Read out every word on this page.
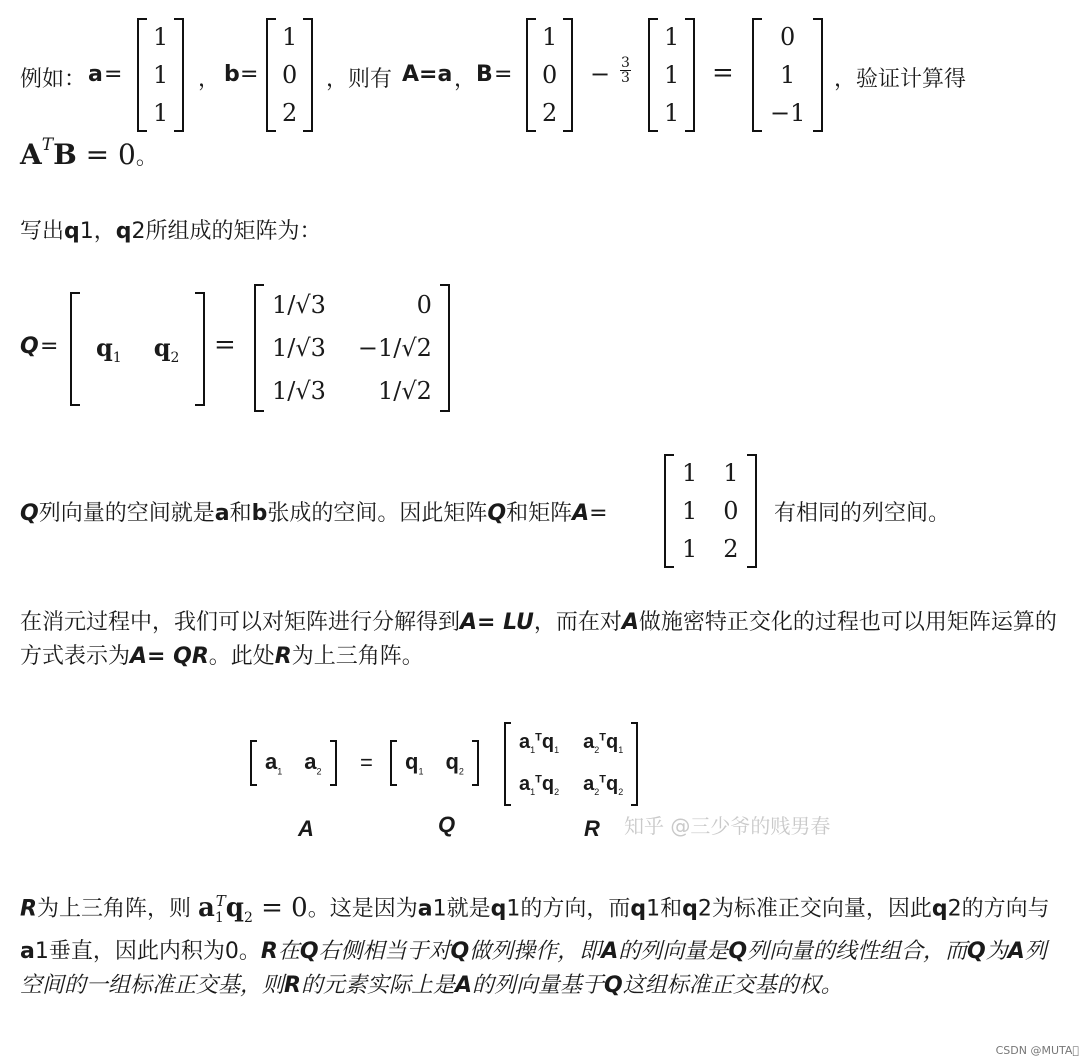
例如： a =
1
1
1
， b =
1
0
2
，则有 A=a ， B =
1
0
2
− $\frac{3}{3}$
1
1
1
=
0
1
−1
，验证计算得
$A^TB = 0$。
写出q1，q2所组成的矩阵为：
$Q = q_1$ $q_2$ =
1/√3
1/√3
1/√3
0
−1/√2
1/√2
Q列向量的空间就是a和b张成的空间。因此矩阵Q和矩阵A=
1 1
1 0
1 2
有相同的列空间。
在消元过程中，我们可以对矩阵进行分解得到A= LU，而在对A做施密特正交化的过程也可以用矩阵运算的方式表示为A= QR。此处R为上三角阵。
$a_1$ $a_2 = q_1$ $q_2$
$a_1^Tq_1$ $a_2^Tq_1$
$a_1^Tq_2$ $a_2^Tq_2$
A	Q	R 知乎 @三少爷的贱男春
R为上三角阵，则 $a_1^Tq_2 = 0$。这是因为a1就是q1的方向，而q1和q2为标准正交向量，因此q2的方向与a1垂直，因此内积为0。R在Q右侧相当于对Q做列操作，即A的列向量是Q列向量的线性组合，而Q为A列空间的一组标准正交基，则R的元素实际上是A的列向量基于Q这组标准正交基的权。
CSDN @MUTA⃝
